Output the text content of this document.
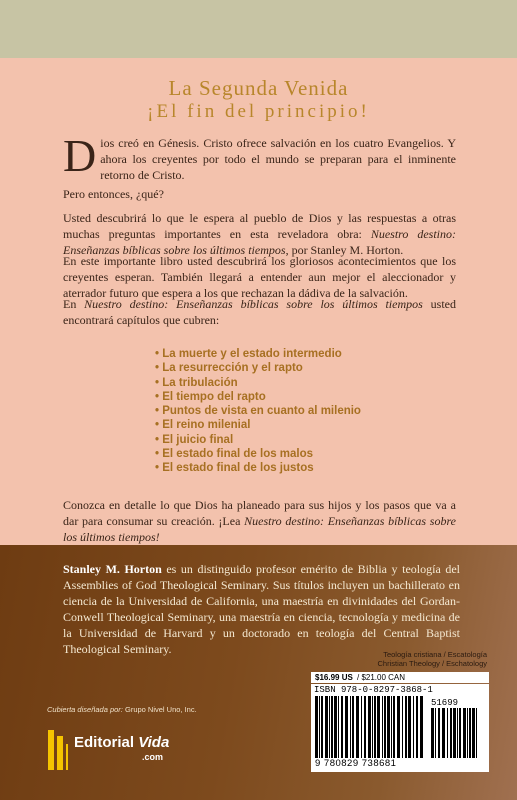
La Segunda Venida
¡El fin del principio!

Dios creó en Génesis. Cristo ofrece salvación en los cuatro Evangelios. Y ahora los creyentes por todo el mundo se preparan para el inminente retorno de Cristo.

Pero entonces, ¿qué?

Usted descubrirá lo que le espera al pueblo de Dios y las respuestas a otras muchas preguntas importantes en esta reveladora obra: Nuestro destino: Enseñanzas bíblicas sobre los últimos tiempos, por Stanley M. Horton.

En este importante libro usted descubrirá los gloriosos acontecimientos que los creyentes esperan. También llegará a entender aun mejor el aleccionador y aterrador futuro que espera a los que rechazan la dádiva de la salvación.

En Nuestro destino: Enseñanzas bíblicas sobre los últimos tiempos usted encontrará capítulos que cubren:

• La muerte y el estado intermedio
• La resurrección y el rapto
• La tribulación
• El tiempo del rapto
• Puntos de vista en cuanto al milenio
• El reino milenial
• El juicio final
• El estado final de los malos
• El estado final de los justos

Conozca en detalle lo que Dios ha planeado para sus hijos y los pasos que va a dar para consumar su creación. ¡Lea Nuestro destino: Enseñanzas bíblicas sobre los últimos tiempos!

Stanley M. Horton es un distinguido profesor emérito de Biblia y teología del Assemblies of God Theological Seminary. Sus títulos incluyen un bachillerato en ciencia de la Universidad de California, una maestría en divinidades del Gordan-Conwell Theological Seminary, una maestría en ciencia, tecnología y medicina de la Universidad de Harvard y un doctorado en teología del Central Baptist Theological Seminary.	Teología cristiana / Escatología
Christian Theology / Eschatology
$16.99 US / $21.00 CAN
ISBN 978-0-8297-3868-1
51699
9 780829 738681
Cubierta diseñada por: Grupo Nivel Uno, Inc.
Editorial Vida
.com
